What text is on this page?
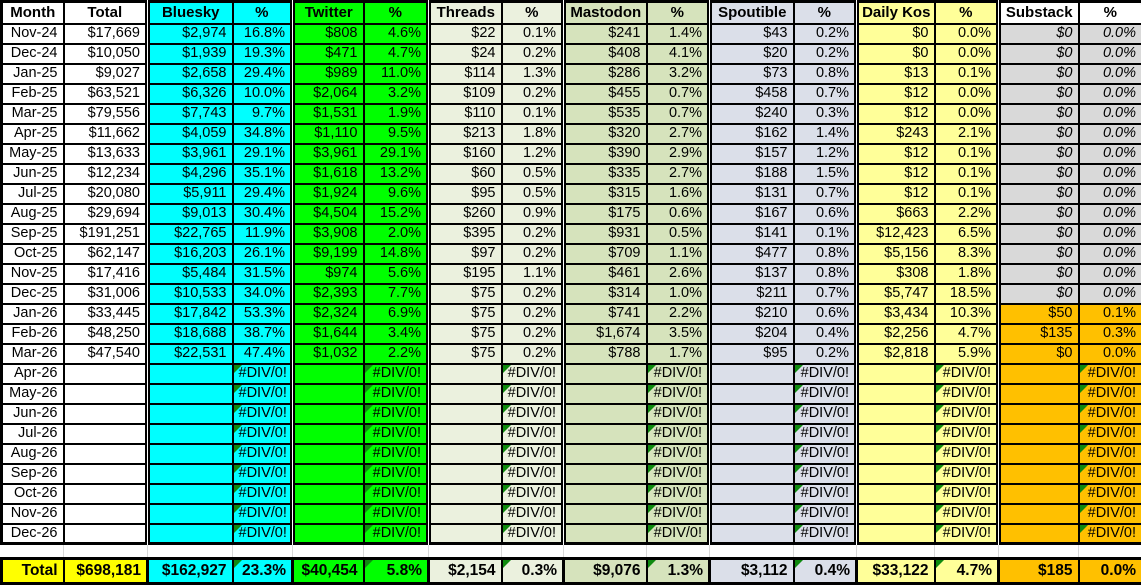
Month	Total	Bluesky	%	Twitter	%	Threads	%	Mastodon	%	Spoutible	%	Daily Kos	%	Substack	%
Nov-24	$17,669	$2,974	16.8%	$808	4.6%	$22	0.1%	$241	1.4%	$43	0.2%	$0	0.0%	$0	0.0%
Dec-24	$10,050	$1,939	19.3%	$471	4.7%	$24	0.2%	$408	4.1%	$20	0.2%	$0	0.0%	$0	0.0%
Jan-25	$9,027	$2,658	29.4%	$989	11.0%	$114	1.3%	$286	3.2%	$73	0.8%	$13	0.1%	$0	0.0%
Feb-25	$63,521	$6,326	10.0%	$2,064	3.2%	$109	0.2%	$455	0.7%	$458	0.7%	$12	0.0%	$0	0.0%
Mar-25	$79,556	$7,743	9.7%	$1,531	1.9%	$110	0.1%	$535	0.7%	$240	0.3%	$12	0.0%	$0	0.0%
Apr-25	$11,662	$4,059	34.8%	$1,110	9.5%	$213	1.8%	$320	2.7%	$162	1.4%	$243	2.1%	$0	0.0%
May-25	$13,633	$3,961	29.1%	$3,961	29.1%	$160	1.2%	$390	2.9%	$157	1.2%	$12	0.1%	$0	0.0%
Jun-25	$12,234	$4,296	35.1%	$1,618	13.2%	$60	0.5%	$335	2.7%	$188	1.5%	$12	0.1%	$0	0.0%
Jul-25	$20,080	$5,911	29.4%	$1,924	9.6%	$95	0.5%	$315	1.6%	$131	0.7%	$12	0.1%	$0	0.0%
Aug-25	$29,694	$9,013	30.4%	$4,504	15.2%	$260	0.9%	$175	0.6%	$167	0.6%	$663	2.2%	$0	0.0%
Sep-25	$191,251	$22,765	11.9%	$3,908	2.0%	$395	0.2%	$931	0.5%	$141	0.1%	$12,423	6.5%	$0	0.0%
Oct-25	$62,147	$16,203	26.1%	$9,199	14.8%	$97	0.2%	$709	1.1%	$477	0.8%	$5,156	8.3%	$0	0.0%
Nov-25	$17,416	$5,484	31.5%	$974	5.6%	$195	1.1%	$461	2.6%	$137	0.8%	$308	1.8%	$0	0.0%
Dec-25	$31,006	$10,533	34.0%	$2,393	7.7%	$75	0.2%	$314	1.0%	$211	0.7%	$5,747	18.5%	$0	0.0%
Jan-26	$33,445	$17,842	53.3%	$2,324	6.9%	$75	0.2%	$741	2.2%	$210	0.6%	$3,434	10.3%	$50	0.1%
Feb-26	$48,250	$18,688	38.7%	$1,644	3.4%	$75	0.2%	$1,674	3.5%	$204	0.4%	$2,256	4.7%	$135	0.3%
Mar-26	$47,540	$22,531	47.4%	$1,032	2.2%	$75	0.2%	$788	1.7%	$95	0.2%	$2,818	5.9%	$0	0.0%
Apr-26			#DIV/0!		#DIV/0!		#DIV/0!		#DIV/0!		#DIV/0!		#DIV/0!		#DIV/0!

May-26			#DIV/0!		#DIV/0!		#DIV/0!		#DIV/0!		#DIV/0!		#DIV/0!		#DIV/0!

Jun-26			#DIV/0!		#DIV/0!		#DIV/0!		#DIV/0!		#DIV/0!		#DIV/0!		#DIV/0!

Jul-26			#DIV/0!		#DIV/0!		#DIV/0!		#DIV/0!		#DIV/0!		#DIV/0!		#DIV/0!

Aug-26			#DIV/0!		#DIV/0!		#DIV/0!		#DIV/0!		#DIV/0!		#DIV/0!		#DIV/0!

Sep-26			#DIV/0!		#DIV/0!		#DIV/0!		#DIV/0!		#DIV/0!		#DIV/0!		#DIV/0!

Oct-26			#DIV/0!		#DIV/0!		#DIV/0!		#DIV/0!		#DIV/0!		#DIV/0!		#DIV/0!

Nov-26			#DIV/0!		#DIV/0!		#DIV/0!		#DIV/0!		#DIV/0!		#DIV/0!		#DIV/0!

Dec-26			#DIV/0!		#DIV/0!		#DIV/0!		#DIV/0!		#DIV/0!		#DIV/0!		#DIV/0!

Total	$698,181	$162,927	23.3%	$40,454	5.8%	$2,154	0.3%	$9,076	1.3%	$3,112	0.4%	$33,122	4.7%	$185	0.0%
